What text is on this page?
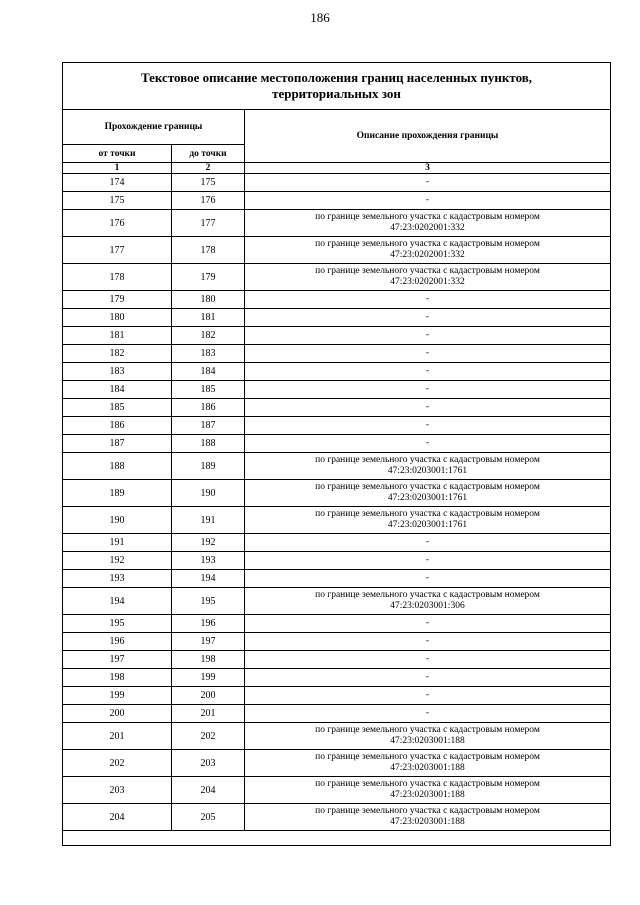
186
Текстовое описание местоположения границ населенных пунктов,
территориальных зон		
Прохождение границы		Описание прохождения границы
от точки	до точки	
1	2	3
174	175	-
175	176	-
176	177	по границе земельного участка с кадастровым номером
47:23:0202001:332
177	178	по границе земельного участка с кадастровым номером
47:23:0202001:332
178	179	по границе земельного участка с кадастровым номером
47:23:0202001:332
179	180	-
180	181	-
181	182	-
182	183	-
183	184	-
184	185	-
185	186	-
186	187	-
187	188	-
188	189	по границе земельного участка с кадастровым номером
47:23:0203001:1761
189	190	по границе земельного участка с кадастровым номером
47:23:0203001:1761
190	191	по границе земельного участка с кадастровым номером
47:23:0203001:1761
191	192	-
192	193	-
193	194	-
194	195	по границе земельного участка с кадастровым номером
47:23:0203001:306
195	196	-
196	197	-
197	198	-
198	199	-
199	200	-
200	201	-
201	202	по границе земельного участка с кадастровым номером
47:23:0203001:188
202	203	по границе земельного участка с кадастровым номером
47:23:0203001:188
203	204	по границе земельного участка с кадастровым номером
47:23:0203001:188
204	205	по границе земельного участка с кадастровым номером
47:23:0203001:188
